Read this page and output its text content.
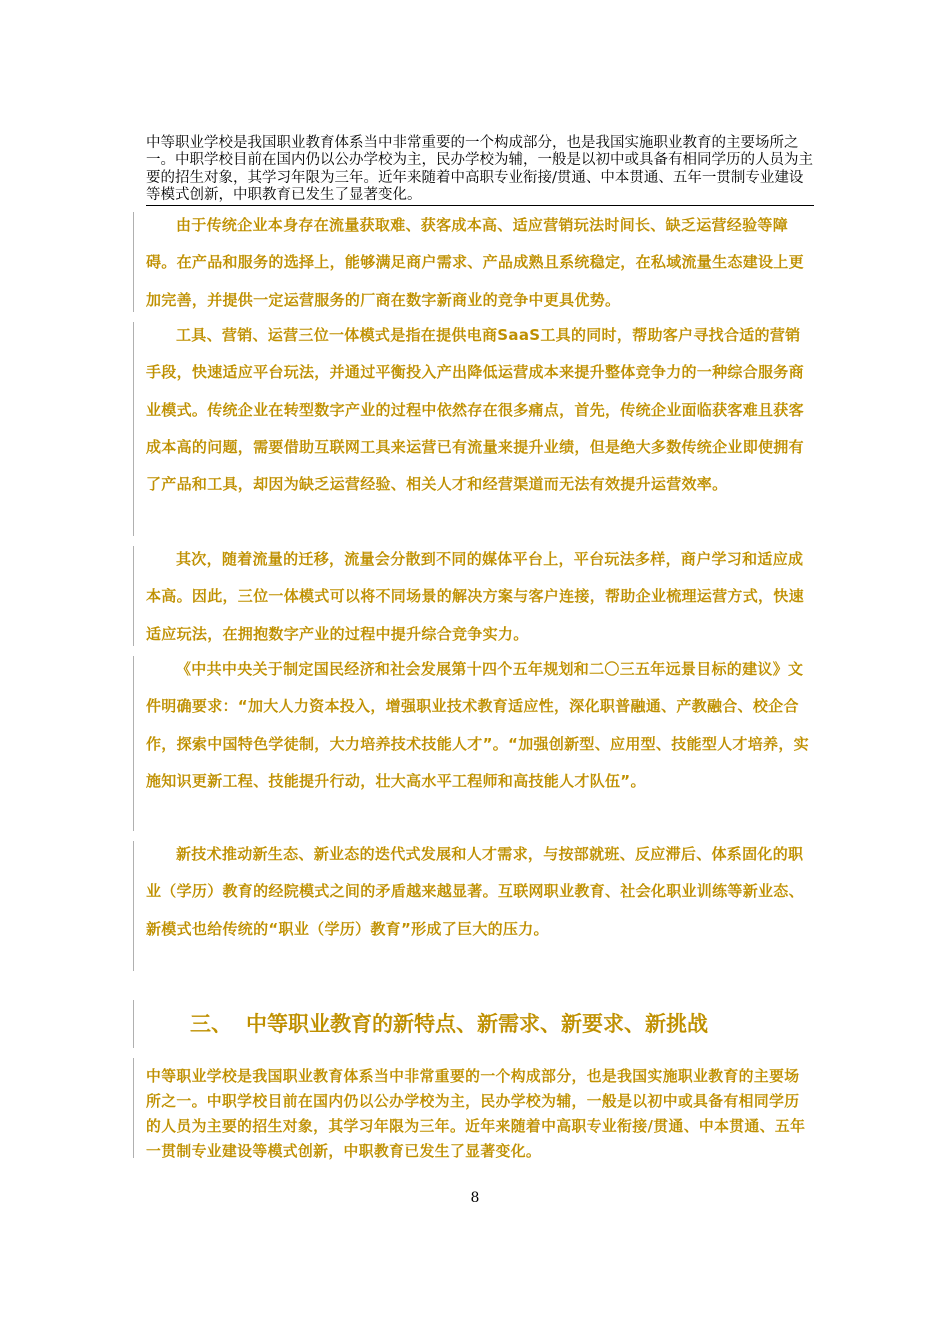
中等职业学校是我国职业教育体系当中非常重要的一个构成部分，也是我国实施职业教育的主要场所之一。中职学校目前在国内仍以公办学校为主，民办学校为辅，一般是以初中或具备有相同学历的人员为主要的招生对象，其学习年限为三年。近年来随着中高职专业衔接/贯通、中本贯通、五年一贯制专业建设等模式创新，中职教育已发生了显著变化。

由于传统企业本身存在流量获取难、获客成本高、适应营销玩法时间长、缺乏运营经验等障碍。在产品和服务的选择上，能够满足商户需求、产品成熟且系统稳定，在私域流量生态建设上更加完善，并提供一定运营服务的厂商在数字新商业的竞争中更具优势。

工具、营销、运营三位一体模式是指在提供电商SaaS工具的同时，帮助客户寻找合适的营销手段，快速适应平台玩法，并通过平衡投入产出降低运营成本来提升整体竞争力的一种综合服务商业模式。传统企业在转型数字产业的过程中依然存在很多痛点，首先，传统企业面临获客难且获客成本高的问题，需要借助互联网工具来运营已有流量来提升业绩，但是绝大多数传统企业即使拥有了产品和工具，却因为缺乏运营经验、相关人才和经营渠道而无法有效提升运营效率。

其次，随着流量的迁移，流量会分散到不同的媒体平台上，平台玩法多样，商户学习和适应成本高。因此，三位一体模式可以将不同场景的解决方案与客户连接，帮助企业梳理运营方式，快速适应玩法，在拥抱数字产业的过程中提升综合竞争实力。

《中共中央关于制定国民经济和社会发展第十四个五年规划和二〇三五年远景目标的建议》文件明确要求：“加大人力资本投入，增强职业技术教育适应性，深化职普融通、产教融合、校企合作，探索中国特色学徒制，大力培养技术技能人才”。“加强创新型、应用型、技能型人才培养，实施知识更新工程、技能提升行动，壮大高水平工程师和高技能人才队伍”。

新技术推动新生态、新业态的迭代式发展和人才需求，与按部就班、反应滞后、体系固化的职业（学历）教育的经院模式之间的矛盾越来越显著。互联网职业教育、社会化职业训练等新业态、新模式也给传统的“职业（学历）教育”形成了巨大的压力。

三、 中等职业教育的新特点、新需求、新要求、新挑战

中等职业学校是我国职业教育体系当中非常重要的一个构成部分，也是我国实施职业教育的主要场所之一。中职学校目前在国内仍以公办学校为主，民办学校为辅，一般是以初中或具备有相同学历的人员为主要的招生对象，其学习年限为三年。近年来随着中高职专业衔接/贯通、中本贯通、五年一贯制专业建设等模式创新，中职教育已发生了显著变化。

8
